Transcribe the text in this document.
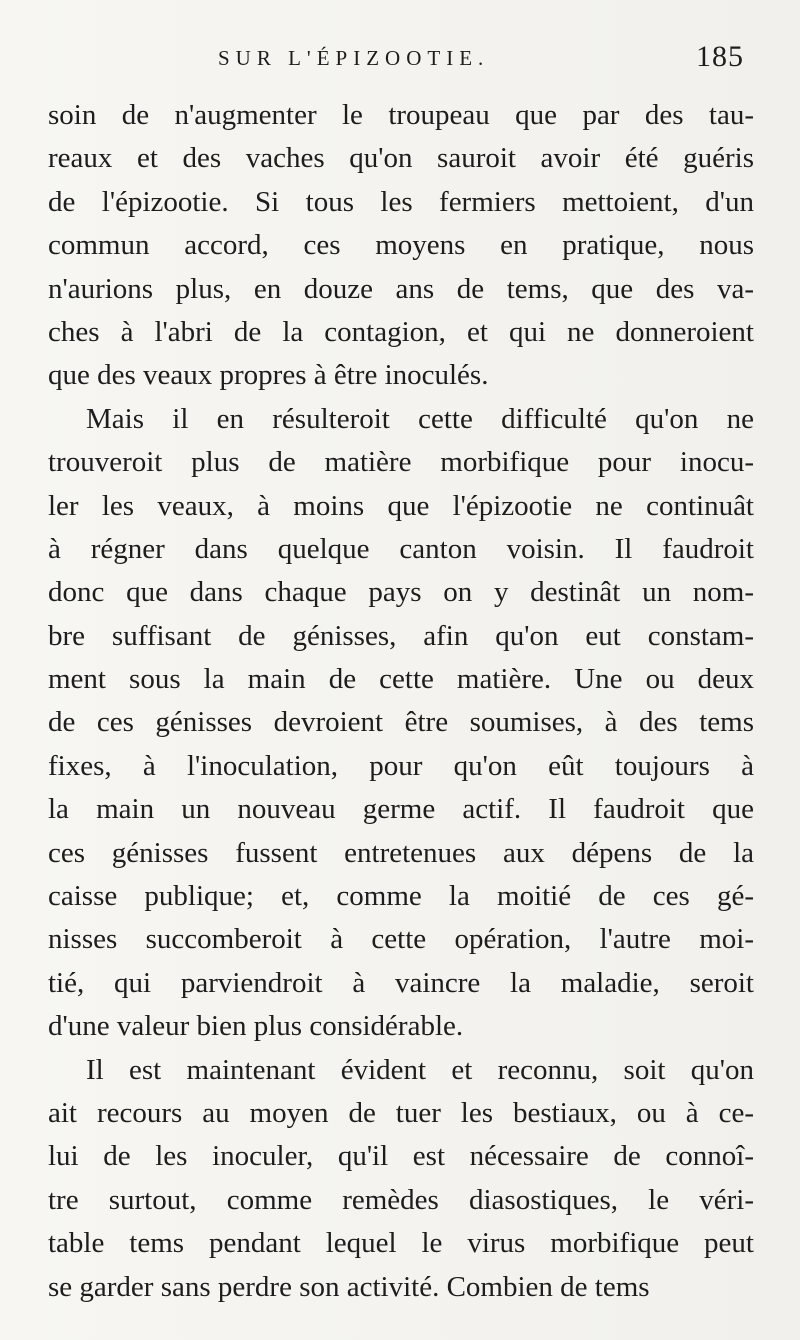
SUR L'ÉPIZOOTIE.	185
soin de n'augmenter le troupeau que par des tau-
reaux et des vaches qu'on sauroit avoir été guéris
de l'épizootie. Si tous les fermiers mettoient, d'un
commun accord, ces moyens en pratique, nous
n'aurions plus, en douze ans de tems, que des va-
ches à l'abri de la contagion, et qui ne donneroient
que des veaux propres à être inoculés.
Mais il en résulteroit cette difficulté qu'on ne
trouveroit plus de matière morbifique pour inocu-
ler les veaux, à moins que l'épizootie ne continuât
à régner dans quelque canton voisin. Il faudroit
donc que dans chaque pays on y destinât un nom-
bre suffisant de génisses, afin qu'on eut constam-
ment sous la main de cette matière. Une ou deux
de ces génisses devroient être soumises, à des tems
fixes, à l'inoculation, pour qu'on eût toujours à
la main un nouveau germe actif. Il faudroit que
ces génisses fussent entretenues aux dépens de la
caisse publique; et, comme la moitié de ces gé-
nisses succomberoit à cette opération, l'autre moi-
tié, qui parviendroit à vaincre la maladie, seroit
d'une valeur bien plus considérable.
Il est maintenant évident et reconnu, soit qu'on
ait recours au moyen de tuer les bestiaux, ou à ce-
lui de les inoculer, qu'il est nécessaire de connoî-
tre surtout, comme remèdes diasostiques, le véri-
table tems pendant lequel le virus morbifique peut
se garder sans perdre son activité. Combien de tems
